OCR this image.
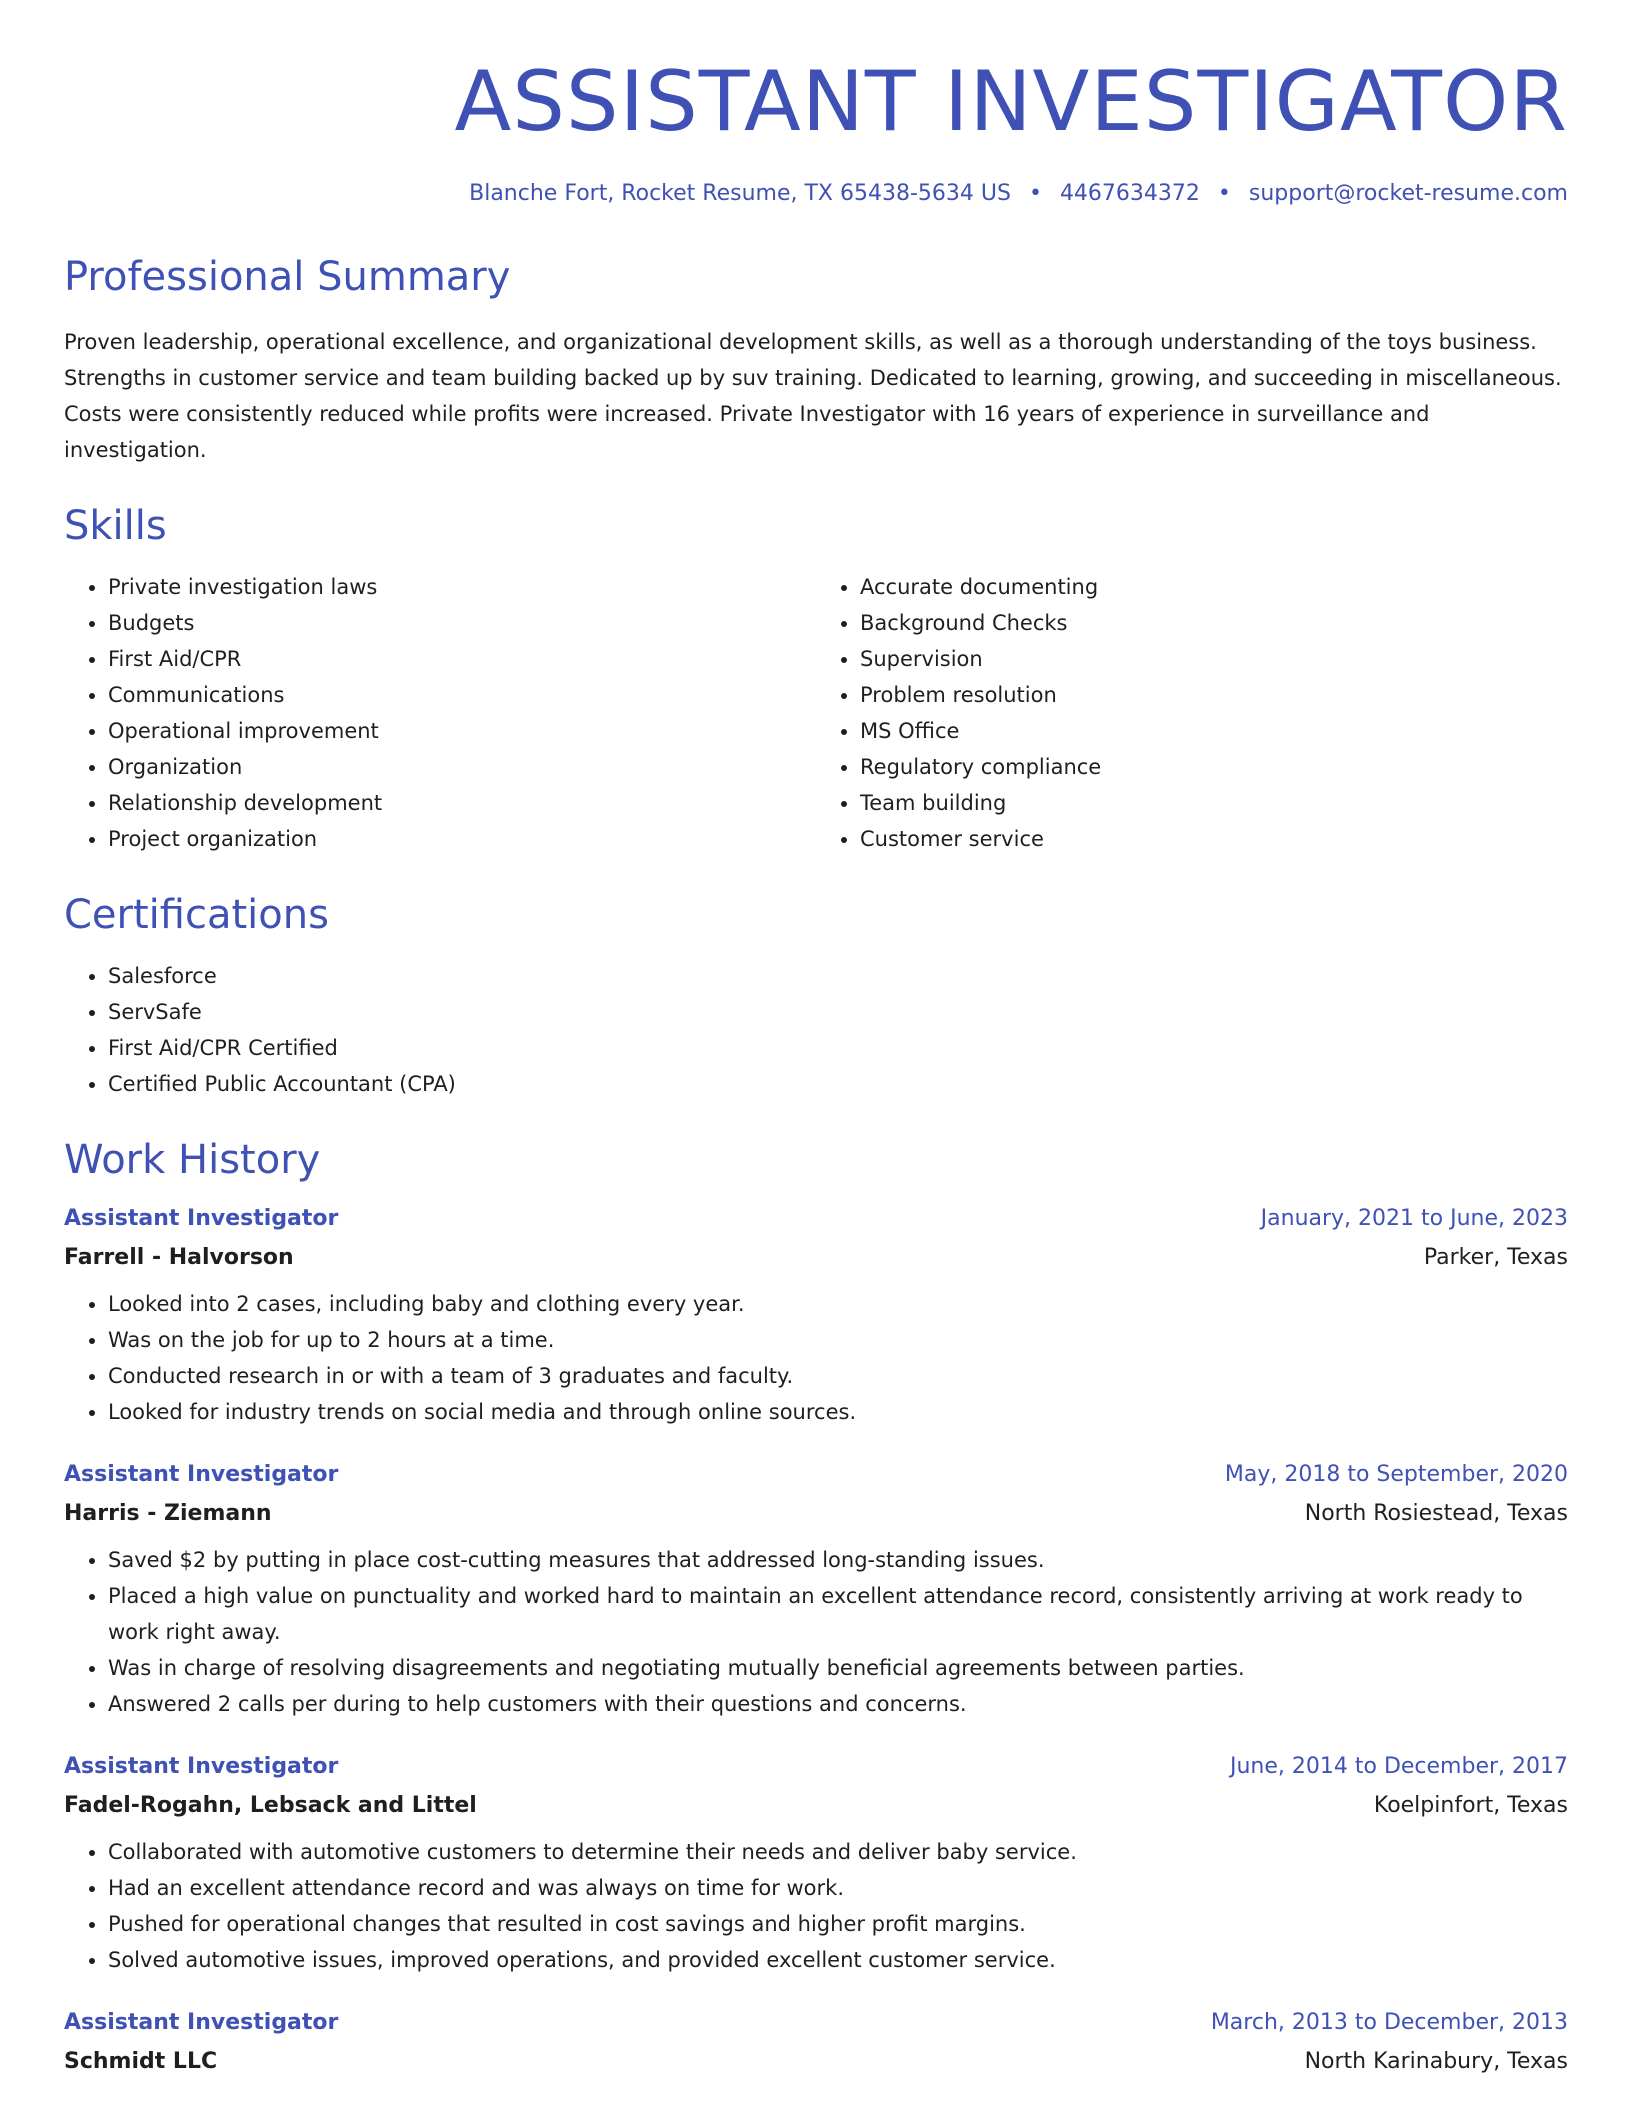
ASSISTANT INVESTIGATOR
Blanche Fort, Rocket Resume, TX 65438-5634 US • 4467634372 • support@rocket-resume.com
Professional Summary

Proven leadership, operational excellence, and organizational development skills, as well as a thorough understanding of the toys business. Strengths in customer service and team building backed up by suv training. Dedicated to learning, growing, and succeeding in miscellaneous. Costs were consistently reduced while profits were increased. Private Investigator with 16 years of experience in surveillance and investigation.

Skills
• Private investigation laws
• Budgets
• First Aid/CPR
• Communications
• Operational improvement
• Organization
• Relationship development
• Project organization
• Accurate documenting
• Background Checks
• Supervision
• Problem resolution
• MS Office
• Regulatory compliance
• Team building
• Customer service
Certifications
• Salesforce
• ServSafe
• First Aid/CPR Certified
• Certified Public Accountant (CPA)
Work History
Assistant Investigator	January, 2021 to June, 2023
Farrell - Halvorson	Parker, Texas
• Looked into 2 cases, including baby and clothing every year.
• Was on the job for up to 2 hours at a time.
• Conducted research in or with a team of 3 graduates and faculty.
• Looked for industry trends on social media and through online sources.
Assistant Investigator	May, 2018 to September, 2020
Harris - Ziemann	North Rosiestead, Texas
• Saved $2 by putting in place cost-cutting measures that addressed long-standing issues.
• Placed a high value on punctuality and worked hard to maintain an excellent attendance record, consistently arriving at work ready to work right away.
• Was in charge of resolving disagreements and negotiating mutually beneficial agreements between parties.
• Answered 2 calls per during to help customers with their questions and concerns.
Assistant Investigator	June, 2014 to December, 2017
Fadel-Rogahn, Lebsack and Littel	Koelpinfort, Texas
• Collaborated with automotive customers to determine their needs and deliver baby service.
• Had an excellent attendance record and was always on time for work.
• Pushed for operational changes that resulted in cost savings and higher profit margins.
• Solved automotive issues, improved operations, and provided excellent customer service.
Assistant Investigator	March, 2013 to December, 2013
Schmidt LLC	North Karinabury, Texas
